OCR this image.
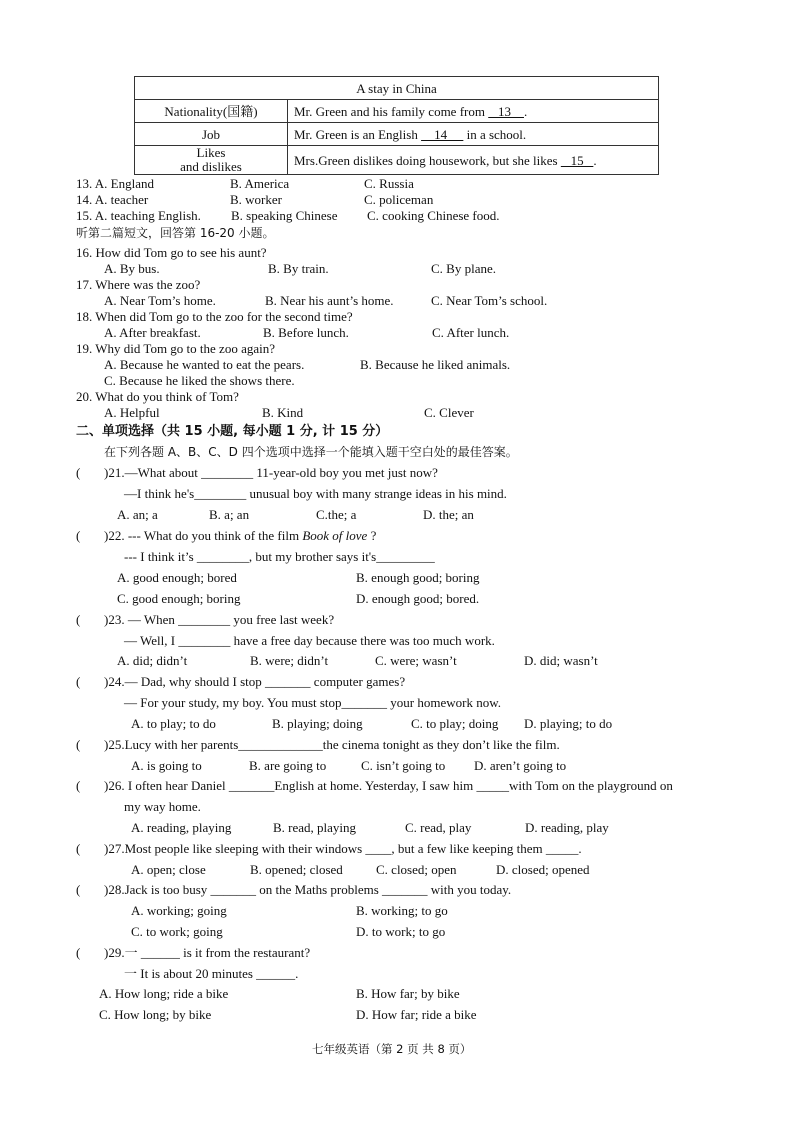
A stay in China	
Nationality(国籍)	Mr. Green and his family come from    13    .
Job	Mr. Green is an English     14      in a school.
Likes
and dislikes	Mrs.Green dislikes doing housework, but she likes    15   .
13. A. England	B. America	C. Russia
14. A. teacher	B. worker	C. policeman
15. A. teaching English. B. speaking Chinese C. cooking Chinese food.
听第二篇短文，回答第 16-20 小题。
16. How did Tom go to see his aunt?
A. By bus.	B. By train.	C. By plane.
17. Where was the zoo?
A. Near Tom’s home.	B. Near his aunt’s home.	C. Near Tom’s school.
18. When did Tom go to the zoo for the second time?
A. After breakfast.	B. Before lunch.	C. After lunch.
19. Why did Tom go to the zoo again?
A. Because he wanted to eat the pears.	B. Because he liked animals.
C. Because he liked the shows there.
20. What do you think of Tom?
A. Helpful	B. Kind	C. Clever
二、单项选择（共 15 小题, 每小题 1 分, 计 15 分）
在下列各题 A、B、C、D 四个选项中选择一个能填入题干空白处的最佳答案。
( )21.—What about ________ 11-year-old boy you met just now?
—I think he's________ unusual boy with many strange ideas in his mind.
A. an; a	B. a; an	C.the; a	D. the; an
( )22. --- What do you think of the film Book of love ?
--- I think it’s ________, but my brother says it's_________
A. good enough; bored	B. enough good; boring
C. good enough; boring	D. enough good; bored.
( )23. — When ________ you free last week?
— Well, I ________ have a free day because there was too much work.
A. did; didn’t	B. were; didn’t	C. were; wasn’t	D. did; wasn’t
( )24.— Dad, why should I stop _______ computer games?
— For your study, my boy. You must stop_______ your homework now.
A. to play; to do	B. playing; doing	C. to play; doing D. playing; to do
( )25.Lucy with her parents_____________the cinema tonight as they don’t like the film.
A. is going to	B. are going to	C. isn’t going to D. aren’t going to
( )26. I often hear Daniel _______English at home. Yesterday, I saw him _____with Tom on the playground on
my way home.
A. reading, playing	B. read, playing	C. read, play	D. reading, play
( )27.Most people like sleeping with their windows ____, but a few like keeping them _____.
A. open; close	B. opened; closed	C. closed; open	D. closed; opened
( )28.Jack is too busy _______ on the Maths problems _______ with you today.
A. working; going	B. working; to go
C. to work; going	D. to work; to go
( )29.一 ______ is it from the restaurant?
一 It is about 20 minutes ______.
A. How long; ride a bike	B. How far; by bike
C. How long; by bike	D. How far; ride a bike
七年级英语（第 2 页 共 8 页）
